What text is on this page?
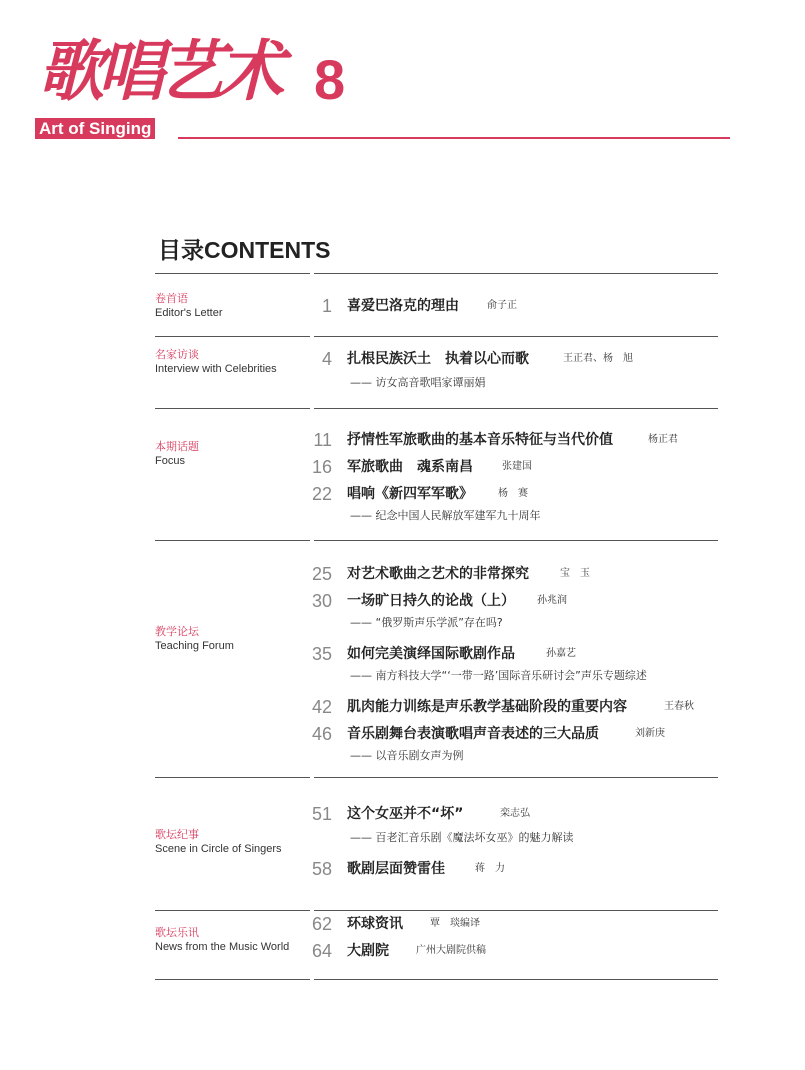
歌唱艺术 8
Art of Singing
目录CONTENTS
卷首语
Editor's Letter	1 喜爱巴洛克的理由	俞子正
名家访谈
Interview with Celebrities	4 扎根民族沃土　执着以心而歌	王正君、杨　旭
—— 访女高音歌唱家谭丽娟
本期话题
Focus
11 抒情性军旅歌曲的基本音乐特征与当代价值	杨正君
16 军旅歌曲　魂系南昌	张建国
22 唱响《新四军军歌》	杨　赛
—— 纪念中国人民解放军建军九十周年
教学论坛
Teaching Forum
25 对艺术歌曲之艺术的非常探究	宝　玉
30 一场旷日持久的论战（上） 孙兆润
—— “俄罗斯声乐学派”存在吗?
35 如何完美演绎国际歌剧作品	孙嘉艺
—— 南方科技大学“‘一带一路’国际音乐研讨会”声乐专题综述
42 肌肉能力训练是声乐教学基础阶段的重要内容	王春秋
46 音乐剧舞台表演歌唱声音表述的三大品质	刘新庚
—— 以音乐剧女声为例
歌坛纪事
Scene in Circle of Singers
51 这个女巫并不“坏”	栾志弘
—— 百老汇音乐剧《魔法坏女巫》的魅力解读
58 歌剧层面赞雷佳	蒋　力
歌坛乐讯
News from the Music World
62 环球资讯	覃　琰编译
64 大剧院	广州大剧院供稿
